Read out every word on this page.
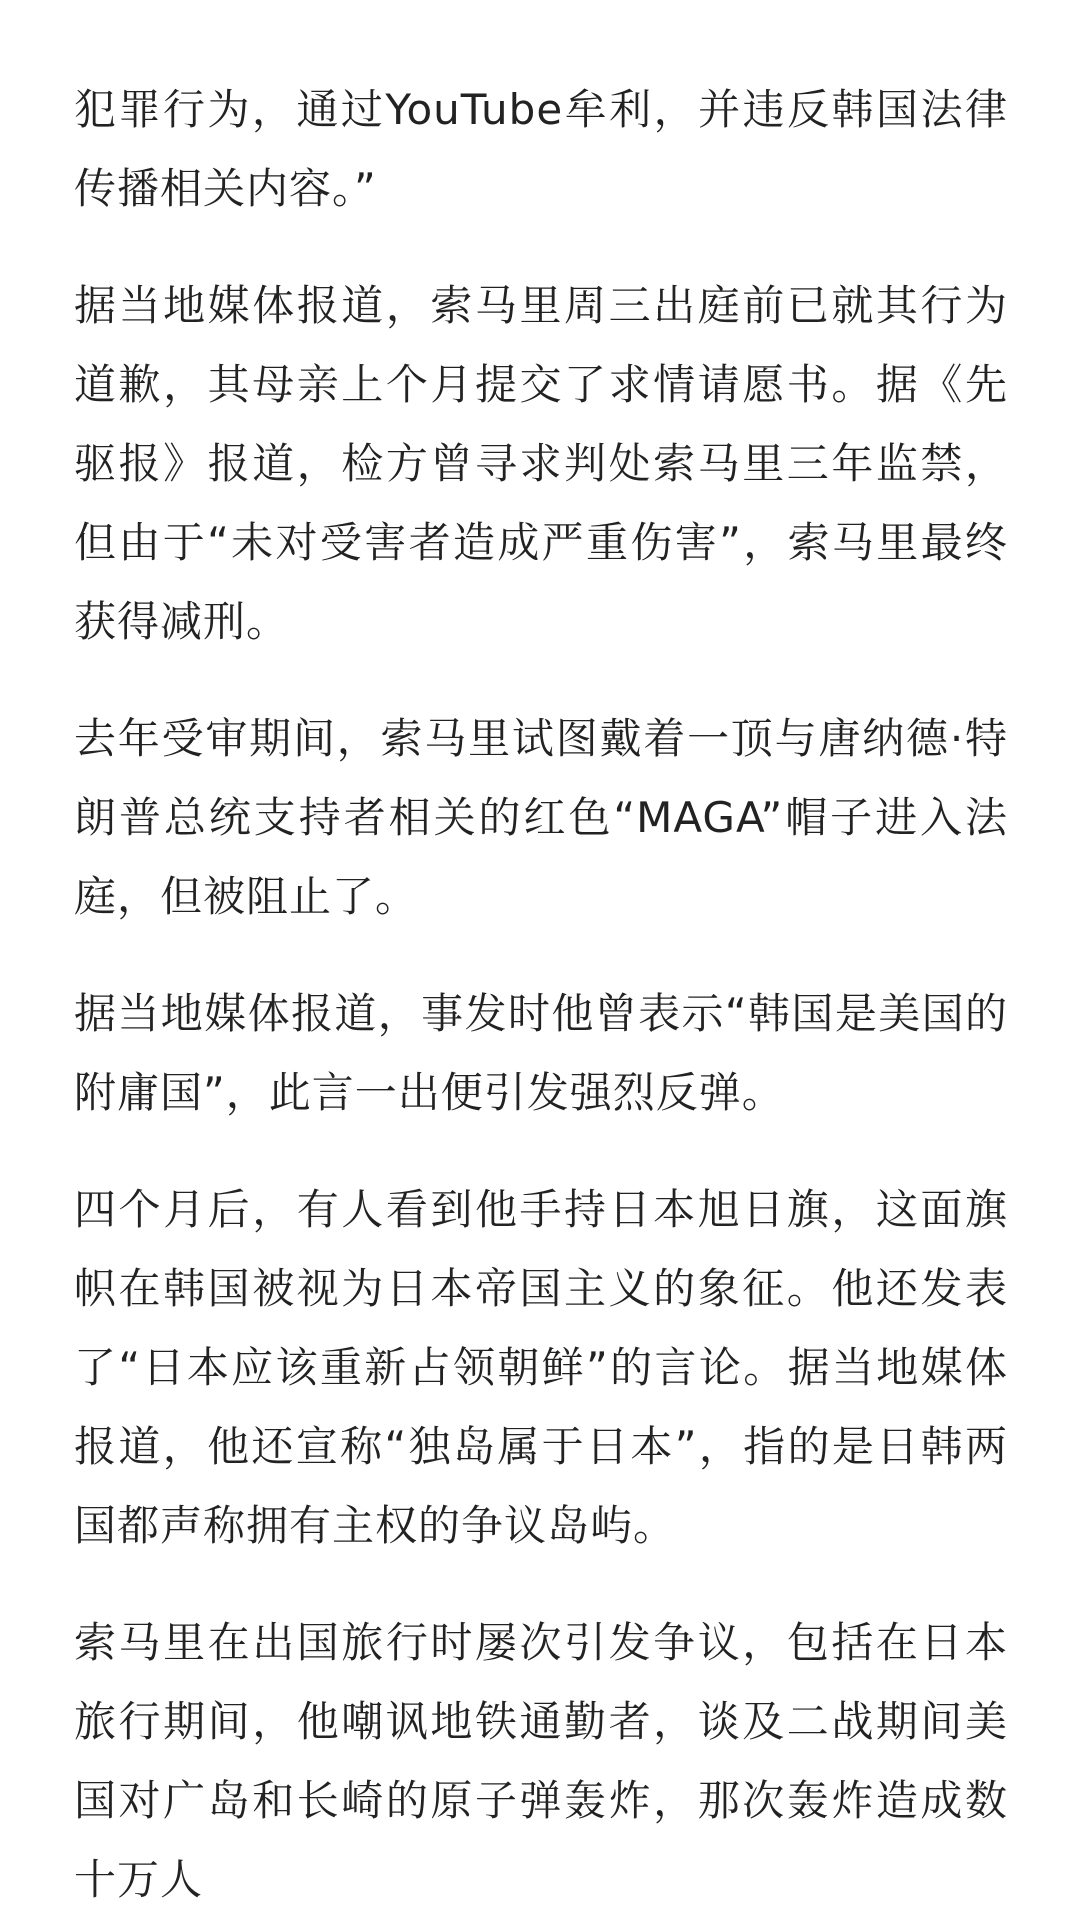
犯罪行为，通过YouTube牟利，并违反韩国法律传播相关内容。”

据当地媒体报道，索马里周三出庭前已就其行为道歉，其母亲上个月提交了求情请愿书。据《先驱报》报道，检方曾寻求判处索马里三年监禁，但由于“未对受害者造成严重伤害”，索马里最终获得减刑。

去年受审期间，索马里试图戴着一顶与唐纳德·特朗普总统支持者相关的红色“MAGA”帽子进入法庭，但被阻止了。

据当地媒体报道，事发时他曾表示“韩国是美国的附庸国”，此言一出便引发强烈反弹。

四个月后，有人看到他手持日本旭日旗，这面旗帜在韩国被视为日本帝国主义的象征。他还发表了“日本应该重新占领朝鲜”的言论。据当地媒体报道，他还宣称“独岛属于日本”，指的是日韩两国都声称拥有主权的争议岛屿。

索马里在出国旅行时屡次引发争议，包括在日本旅行期间，他嘲讽地铁通勤者，谈及二战期间美国对广岛和长崎的原子弹轰炸，那次轰炸造成数十万人
